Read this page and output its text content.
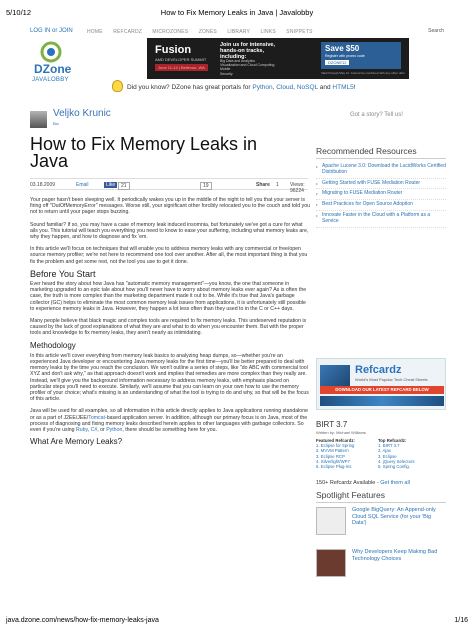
5/10/12	How to Fix Memory Leaks in Java | Javalobby
LOG IN or JOIN	HOME REFCARDZ MICROZONES ZONES LIBRARY LINKS SNIPPETS	Search
DZone
JAVALOBBY
Fusion
AMD DEVELOPER SUMMIT
June 11-14 | Bellevue, WA
Join us for intensive, hands-on tracks, including:
Big Data and Analytics
Visualization and Cloud Computing
Mobile
Security
Save $50
Register with promo code
DZONE12
Valid through May 31. Cannot be combined with any other offer
Did you know? DZone has great portals for Python, Cloud, NoSQL and HTML5!
Veljko Krunic
Bio
Got a story? Tell us!
How to Fix Memory Leaks in Java
03.18.2009	Email	Like	21	19	Share 1 Views: 96224

Your pager hasn't been sleeping well. It periodically wakes you up in the middle of the night to tell you that your server is firing off "OutOfMemoryError" messages. Worse still, your significant other forcibly relocated you to the couch and told you not to return until your pager stops buzzing.

Sound familiar? If so, you may have a case of memory leak induced insomnia, but fortunately we've got a cure for what ails you. This tutorial will teach you everything you need to know to ease your suffering, including what memory leaks are, why they happen, and how to diagnose and fix 'em.

In this article we'll focus on techniques that will enable you to address memory leaks with any commercial or free/open source memory profiler; we're not here to recommend one tool over another. After all, the most important thing is that you fix the problem and get some rest, not the tool you use to get it done.

Before You Start

Ever heard the story about how Java has "automatic memory management"—you know, the one that someone in marketing upgraded to an epic tale about how you'll never have to worry about memory leaks ever again? As is often the case, the truth is more complex than the marketing department made it out to be. While it's true that Java's garbage collector (GC) helps to eliminate the most common memory leak issues from applications, it is unfortunately still possible to experience memory leaks in Java. However, they happen a lot less often than they used to in the C or C++ days.

Many people believe that black magic and complex tools are required to fix memory leaks. This undeserved reputation is caused by the lack of good explanations of what they are and what to do when you encounter them. But with the proper tools and knowledge to fix memory leaks, they aren't nearly as intimidating.

Methodology

In this article we'll cover everything from memory leak basics to analyzing heap dumps, so—whether you're an experienced Java developer or encountering Java memory leaks for the first time—you'll be better prepared to deal with memory leaks by the time you reach the conclusion. We won't outline a series of steps, like "do ABC with commercial tool XYZ and don't ask why," as that approach doesn't work and implies that remedies are more complex than they really are. Instead, we'll give you the background information necessary to address memory leaks, with emphasis placed on particular steps you'll need to execute. Similarly, we'll assume that you can learn on your own how to use the memory profiler of your choice; what's missing is an understanding of what the tool is trying to do and why, so that will be the focus of this article.

Java will be used for all examples, so all information in this article directly applies to Java applications running standalone or as a part of J2EE/JEE/Tomcat-based application server. In addition, although our primary focus is on Java, most of the process of diagnosing and fixing memory leaks described herein applies to other languages with garbage collectors. So even if you're using Ruby, C#, or Python, there should be something here for you.

What Are Memory Leaks?
Recommended Resources
▸ Apache Lucene 3.0: Download the LucidWorks Certified Distribution
▸ Getting Started with FUSE Mediation Router
▸ Migrating to FUSE Mediation Router
▸ Best Practices for Open Source Adoption
▸ Innovate Faster in the Cloud with a Platform as a Service
Refcardz
World's Most Popular Tech Cheat Sheets
DOWNLOAD OUR LATEST REFCARD BELOW
BIRT 3.7
Written by: Michael Williams
Featured Refcardz:
1. Eclipse for Spring
2. MVVM Pattern
3. Eclipse RCP
4. Silverlight/WP7
5. Eclipse Plug-ins
Top Refcardz:
1. BIRT 3.7
2. Ajax
3. Eclipse
4. jQuery Selectors
5. Spring Config.
150+ Refcardz Available - Get them all
Spotlight Features
Google BigQuery: An Append-only Cloud SQL Service (for your 'Big Data')
Why Developers Keep Making Bad Technology Choices
java.dzone.com/news/how-fix-memory-leaks-java	1/16
